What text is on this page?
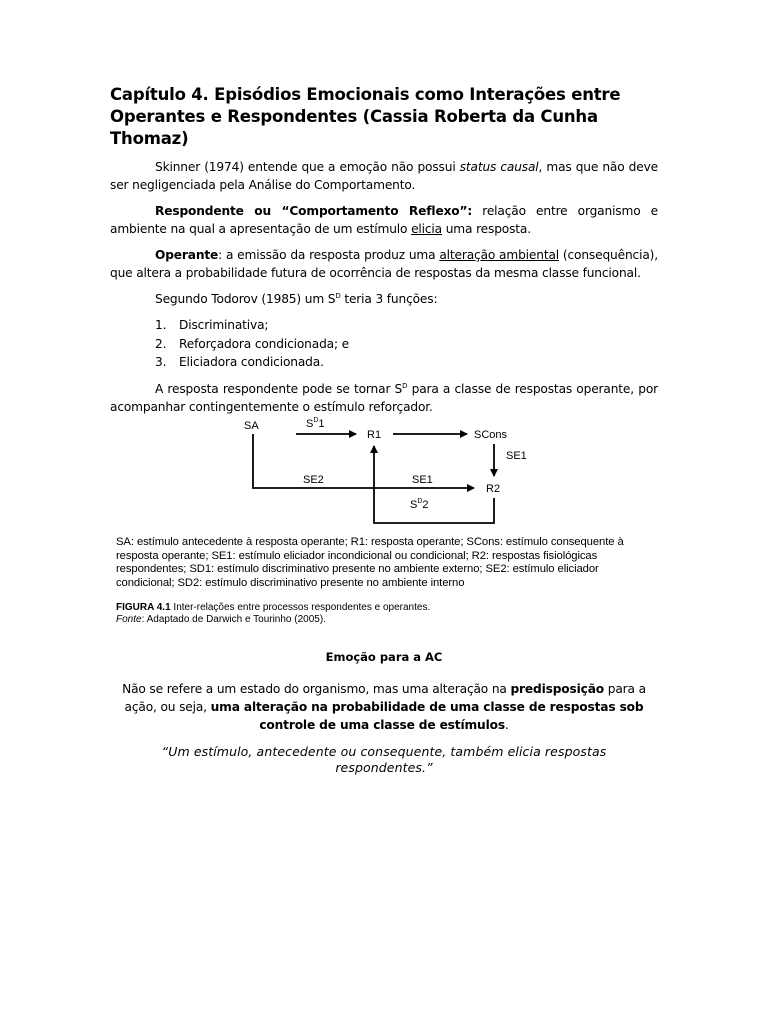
Capítulo 4. Episódios Emocionais como Interações entre Operantes e Respondentes (Cassia Roberta da Cunha Thomaz)

Skinner (1974) entende que a emoção não possui status causal, mas que não deve ser negligenciada pela Análise do Comportamento.

Respondente ou “Comportamento Reflexo”: relação entre organismo e ambiente na qual a apresentação de um estímulo elicia uma resposta.

Operante: a emissão da resposta produz uma alteração ambiental (consequência), que altera a probabilidade futura de ocorrência de respostas da mesma classe funcional.

Segundo Todorov (1985) um $S^D$ teria 3 funções:

1. 1. Discriminativa;
2. 2. Reforçadora condicionada; e
3. 3. Eliciadora condicionada.

A resposta respondente pode se tornar $S^D$ para a classe de respostas operante, por acompanhar contingentemente o estímulo reforçador.

SA	$S^D1$
R1	SCons
SE1
SE2	SE1
R2
$S^D2$
SA: estímulo antecedente à resposta operante; R1: resposta operante; SCons: estímulo consequente à resposta operante; SE1: estímulo eliciador incondicional ou condicional; R2: respostas fisiológicas respondentes; SD1: estímulo discriminativo presente no ambiente externo; SE2: estímulo eliciador condicional; SD2: estímulo discriminativo presente no ambiente interno
FIGURA 4.1 Inter-relações entre processos respondentes e operantes.
Fonte: Adaptado de Darwich e Tourinho (2005).
Emoção para a AC
Não se refere a um estado do organismo, mas uma alteração na predisposição para a ação, ou seja, uma alteração na probabilidade de uma classe de respostas sob controle de uma classe de estímulos.
“Um estímulo, antecedente ou consequente, também elicia respostas respondentes.”
